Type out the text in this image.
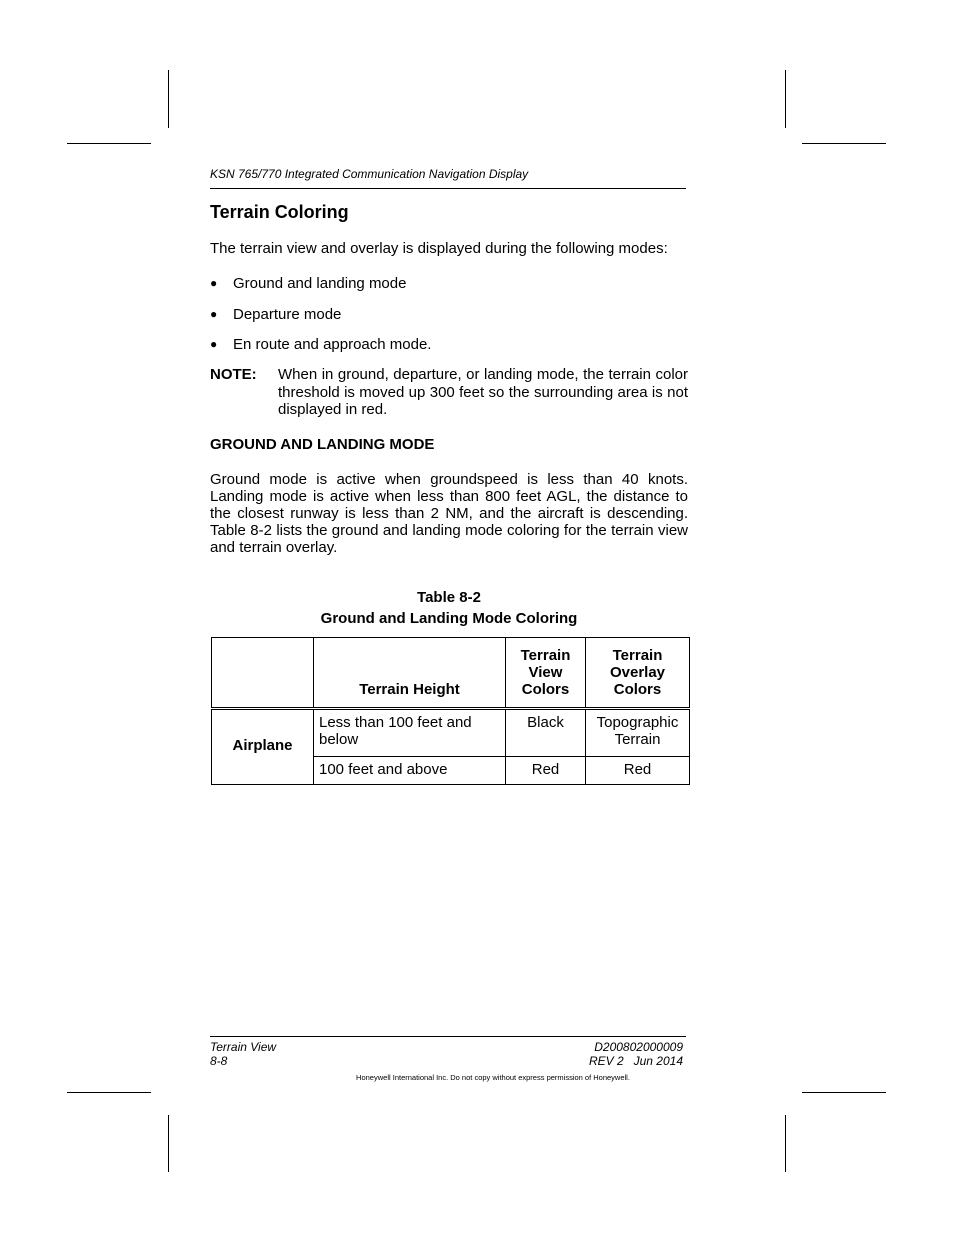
KSN 765/770 Integrated Communication Navigation Display
Terrain Coloring

The terrain view and overlay is displayed during the following modes:

● Ground and landing mode
● Departure mode
● En route and approach mode.
NOTE: When in ground, departure, or landing mode, the terrain color threshold is moved up 300 feet so the surrounding area is not displayed in red.
GROUND AND LANDING MODE

Ground mode is active when groundspeed is less than 40 knots. Landing mode is active when less than 800 feet AGL, the distance to the closest runway is less than 2 NM, and the aircraft is descending. Table 8‑2 lists the ground and landing mode coloring for the terrain view and terrain overlay.

Table 8‑2
Ground and Landing Mode Coloring
	Terrain Height	Terrain
View
Colors	Terrain
Overlay
Colors
Airplane	Less than 100 feet and below	Black	Topographic
Terrain
	100 feet and above	Red	Red
Terrain View
8-8
D200802000009
REV 2   Jun 2014
Honeywell International Inc. Do not copy without express permission of Honeywell.
